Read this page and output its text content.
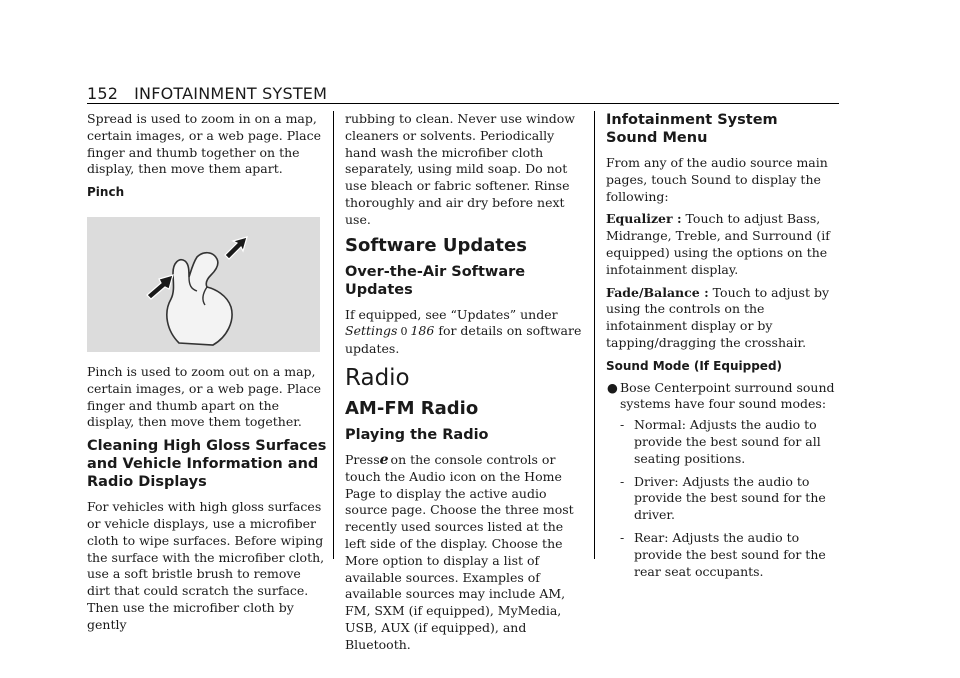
152 INFOTAINMENT SYSTEM

Spread is used to zoom in on a map, certain images, or a web page. Place finger and thumb together on the display, then move them apart.

Pinch

Pinch is used to zoom out on a map, certain images, or a web page. Place finger and thumb apart on the display, then move them together.

Cleaning High Gloss Surfaces and Vehicle Information and Radio Displays

For vehicles with high gloss surfaces or vehicle displays, use a microfiber cloth to wipe surfaces. Before wiping the surface with the microfiber cloth, use a soft bristle brush to remove dirt that could scratch the surface. Then use the microfiber cloth by gently

rubbing to clean. Never use window cleaners or solvents. Periodically hand wash the microfiber cloth separately, using mild soap. Do not use bleach or fabric softener. Rinse thoroughly and air dry before next use.

Software Updates
Over-the-Air Software Updates

If equipped, see “Updates” under Settings 0 186 for details on software updates.

Radio
AM-FM Radio
Playing the Radio

Presse on the console controls or touch the Audio icon on the Home Page to display the active audio source page. Choose the three most recently used sources listed at the left side of the display. Choose the More option to display a list of available sources. Examples of available sources may include AM, FM, SXM (if equipped), MyMedia, USB, AUX (if equipped), and Bluetooth.

Infotainment System
Sound Menu

From any of the audio source main pages, touch Sound to display the following:

Equalizer : Touch to adjust Bass, Midrange, Treble, and Surround (if equipped) using the options on the infotainment display.

Fade/Balance : Touch to adjust by using the controls on the infotainment display or by tapping/dragging the crosshair.

Sound Mode (If Equipped)
● Bose Centerpoint surround sound systems have four sound modes:
- Normal: Adjusts the audio to provide the best sound for all seating positions.
- Driver: Adjusts the audio to provide the best sound for the driver.
- Rear: Adjusts the audio to provide the best sound for the rear seat occupants.
